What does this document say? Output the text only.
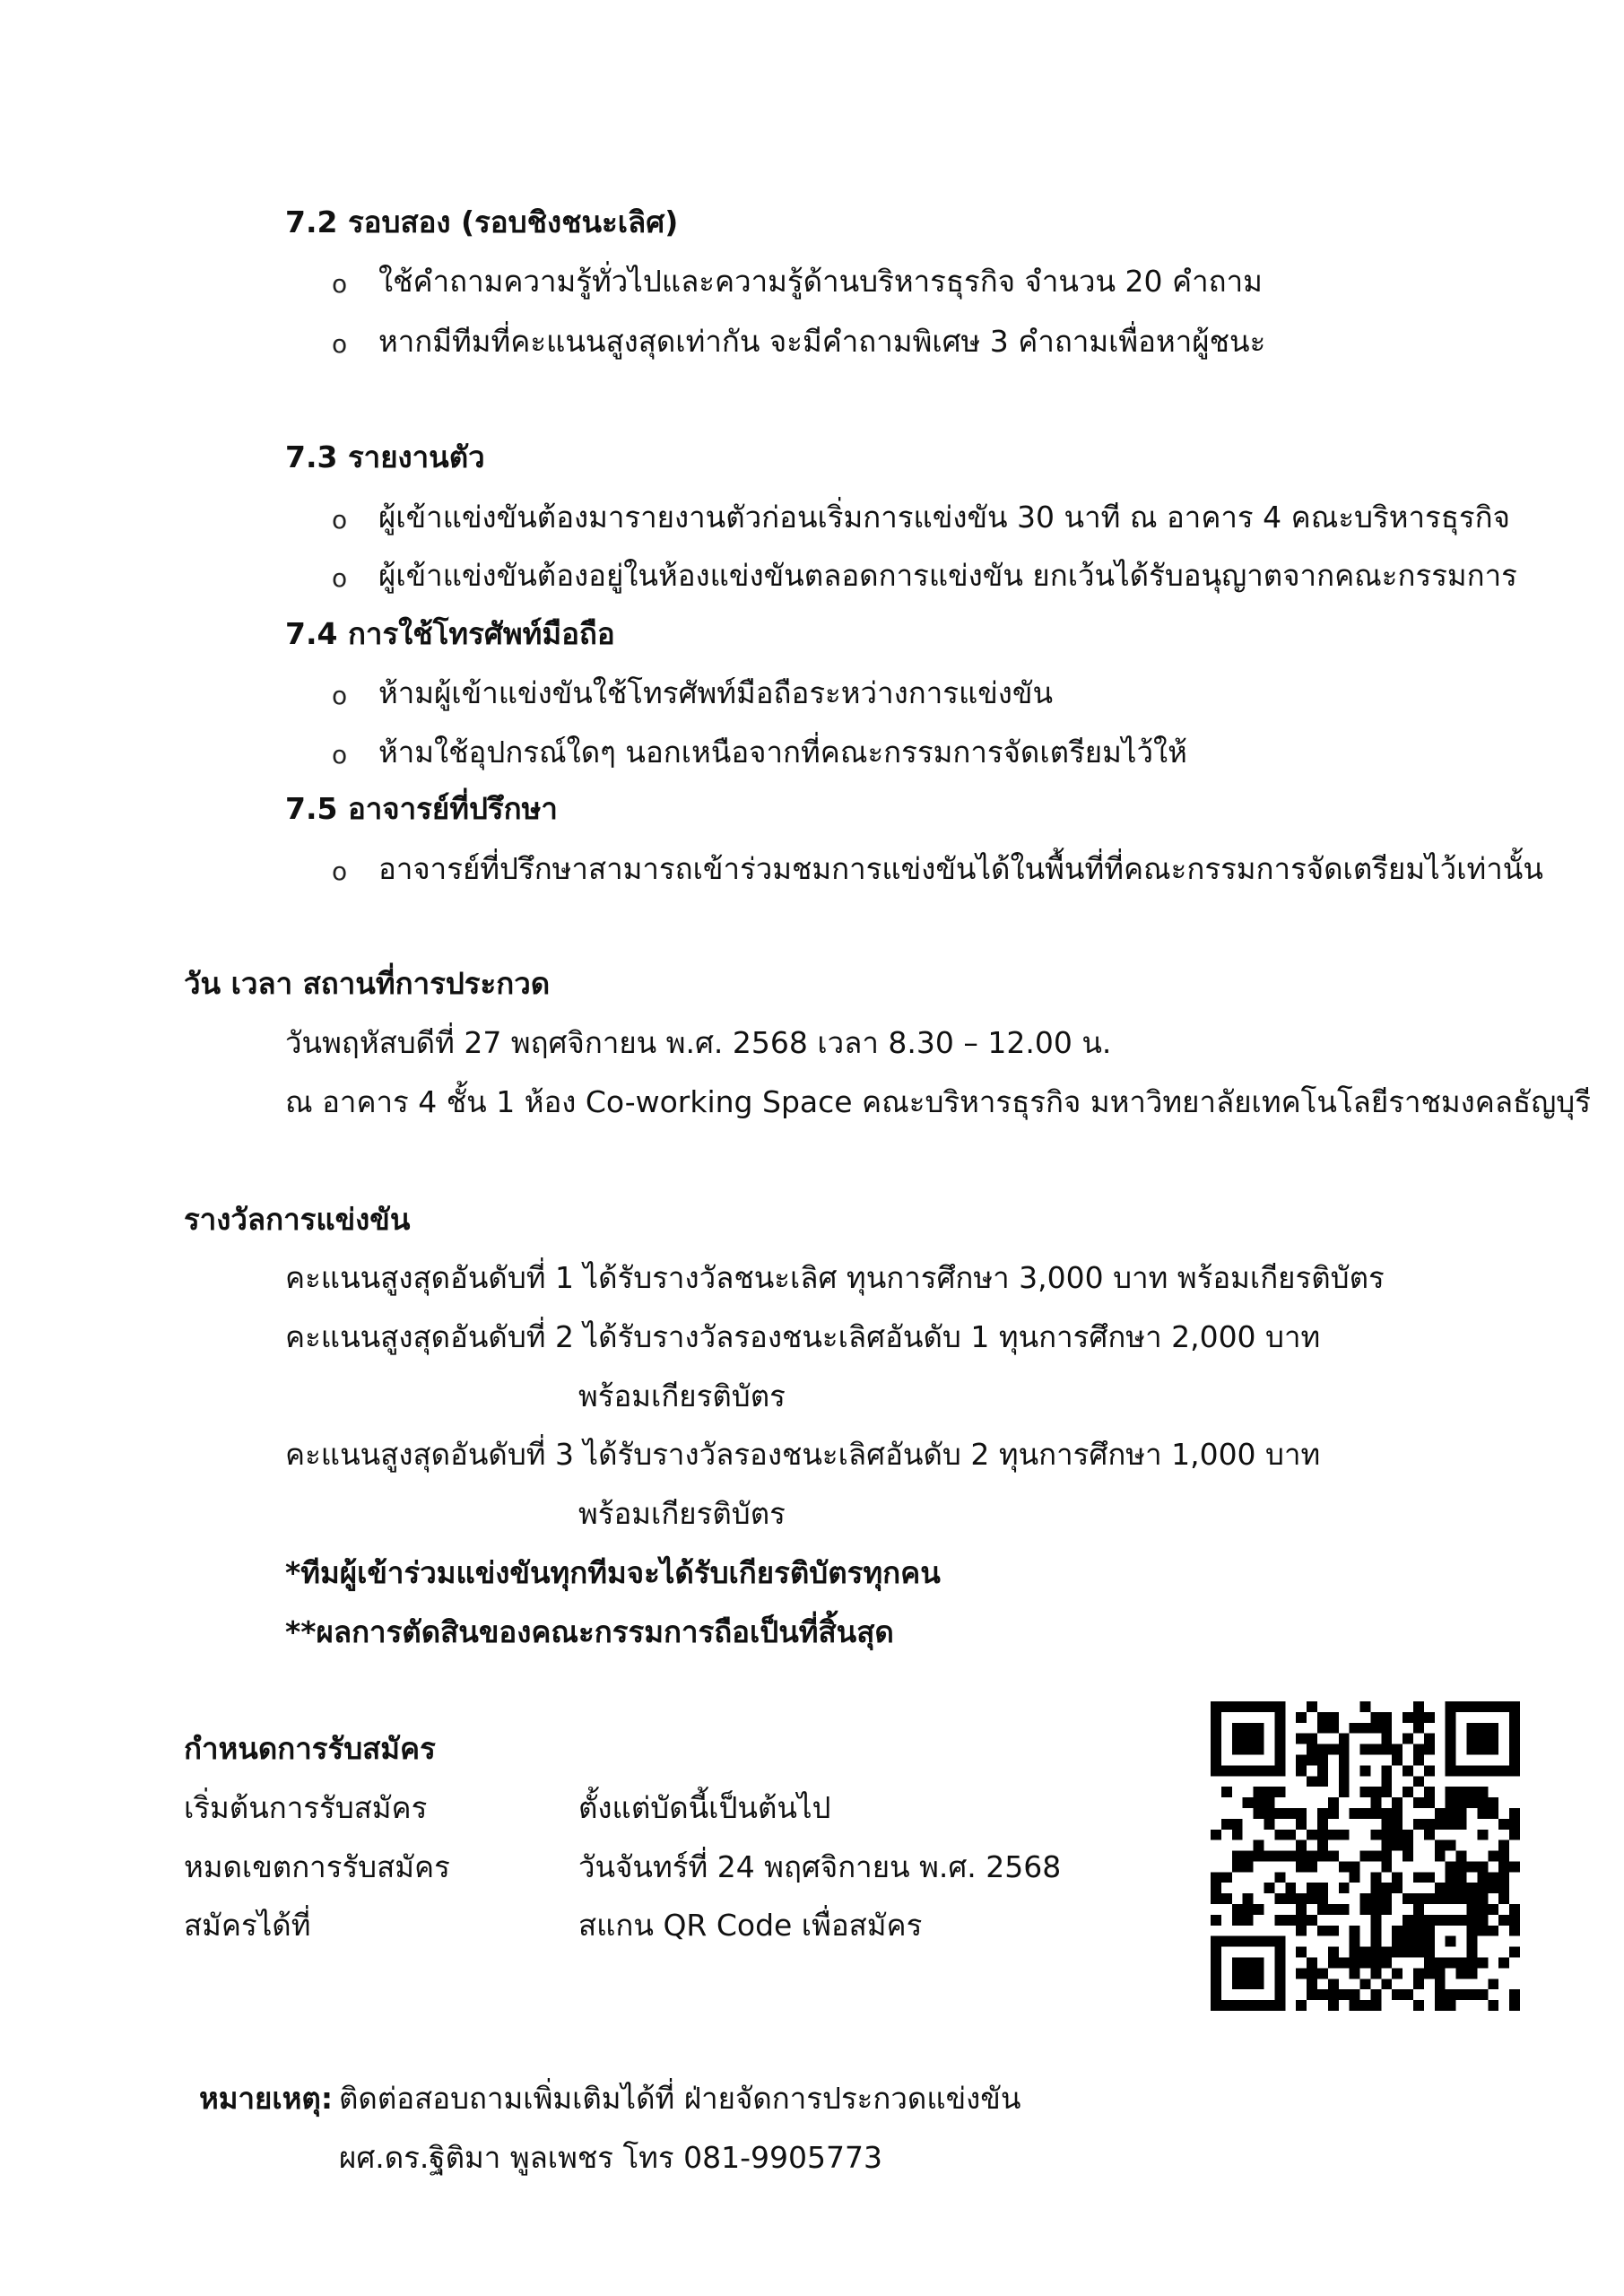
7.2 รอบสอง (รอบชิงชนะเลิศ)
o ใช้คำถามความรู้ทั่วไปและความรู้ด้านบริหารธุรกิจ จำนวน 20 คำถาม
o หากมีทีมที่คะแนนสูงสุดเท่ากัน จะมีคำถามพิเศษ 3 คำถามเพื่อหาผู้ชนะ
7.3 รายงานตัว
o ผู้เข้าแข่งขันต้องมารายงานตัวก่อนเริ่มการแข่งขัน 30 นาที ณ อาคาร 4 คณะบริหารธุรกิจ
o ผู้เข้าแข่งขันต้องอยู่ในห้องแข่งขันตลอดการแข่งขัน ยกเว้นได้รับอนุญาตจากคณะกรรมการ
7.4 การใช้โทรศัพท์มือถือ
o ห้ามผู้เข้าแข่งขันใช้โทรศัพท์มือถือระหว่างการแข่งขัน
o ห้ามใช้อุปกรณ์ใดๆ นอกเหนือจากที่คณะกรรมการจัดเตรียมไว้ให้
7.5 อาจารย์ที่ปรึกษา
o อาจารย์ที่ปรึกษาสามารถเข้าร่วมชมการแข่งขันได้ในพื้นที่ที่คณะกรรมการจัดเตรียมไว้เท่านั้น
วัน เวลา สถานที่การประกวด
วันพฤหัสบดีที่ 27 พฤศจิกายน พ.ศ. 2568 เวลา 8.30 – 12.00 น.
ณ อาคาร 4 ชั้น 1 ห้อง Co-working Space คณะบริหารธุรกิจ มหาวิทยาลัยเทคโนโลยีราชมงคลธัญบุรี
รางวัลการแข่งขัน
คะแนนสูงสุดอันดับที่ 1 ได้รับรางวัลชนะเลิศ ทุนการศึกษา 3,000 บาท พร้อมเกียรติบัตร
คะแนนสูงสุดอันดับที่ 2 ได้รับรางวัลรองชนะเลิศอันดับ 1 ทุนการศึกษา 2,000 บาท
พร้อมเกียรติบัตร
คะแนนสูงสุดอันดับที่ 3 ได้รับรางวัลรองชนะเลิศอันดับ 2 ทุนการศึกษา 1,000 บาท
พร้อมเกียรติบัตร
*ทีมผู้เข้าร่วมแข่งขันทุกทีมจะได้รับเกียรติบัตรทุกคน
**ผลการตัดสินของคณะกรรมการถือเป็นที่สิ้นสุด
กำหนดการรับสมัคร
เริ่มต้นการรับสมัคร	ตั้งแต่บัดนี้เป็นต้นไป
หมดเขตการรับสมัคร	วันจันทร์ที่ 24 พฤศจิกายน พ.ศ. 2568
สมัครได้ที่	สแกน QR Code เพื่อสมัคร
หมายเหตุ: ติดต่อสอบถามเพิ่มเติมได้ที่ ฝ่ายจัดการประกวดแข่งขัน
ผศ.ดร.ฐิติมา พูลเพชร โทร 081-9905773
